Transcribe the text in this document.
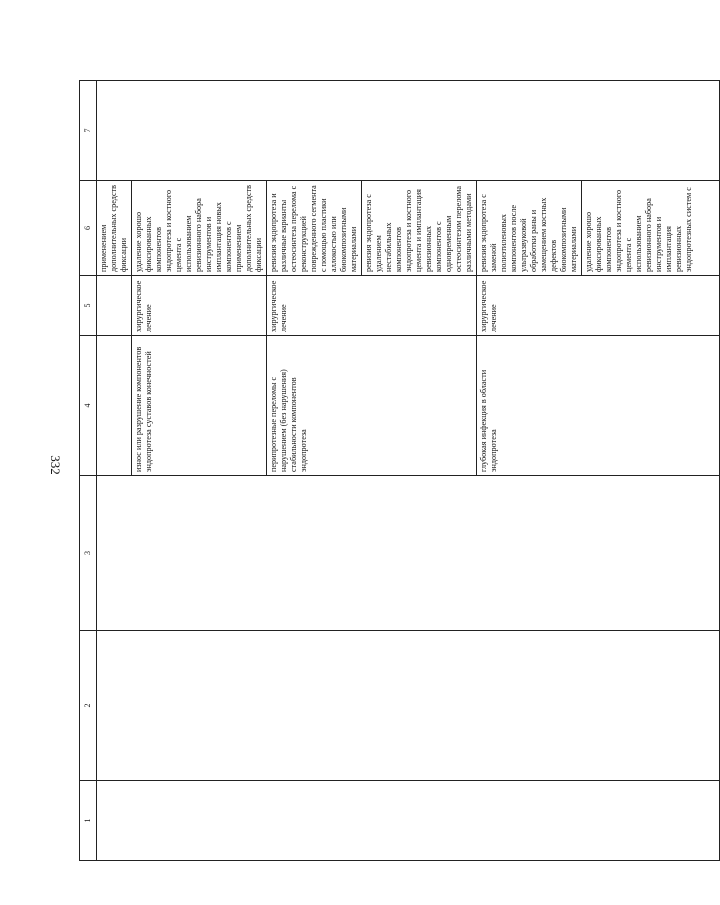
332
1	2	3	4	5	6	7
					применением дополнительных средств фиксации	
			износ или разрушение компонентов эндопротеза суставов конечностей	хирургическое лечение	удаление хорошо фиксированных компонентов эндопротеза и костного цемента с использованием ревизионного набора инструментов и имплантация новых компонентов с применением дополнительных средств фиксации	
			перипротезные переломы с нарушением (без нарушения) стабильности компонентов эндопротеза	хирургическое лечение	ревизия эндопротеза и различные варианты остеосинтеза перелома с реконструкцией поврежденного сегмента с помощью пластики аллокостью или биокомпозитными материалами	
					ревизия эндопротеза с удалением нестабильных компонентов эндопротеза и костного цемента и имплантация ревизионных компонентов с одновременным остеосинтезом перелома различными методами	
			глубокая инфекция в области эндопротеза	хирургическое лечение	ревизия эндопротеза с заменой полиэтиленовых компонентов после ультразвуковой обработки раны и замещением костных дефектов биокомпозитными материалами	
					удаление хорошо фиксированных компонентов эндопротеза и костного цемента с использованием ревизионного набора инструментов и имплантация ревизионных эндопротезных систем с	
